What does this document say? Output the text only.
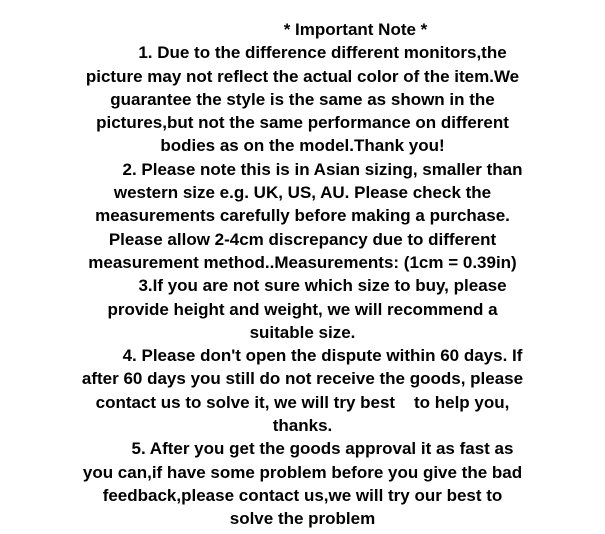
* Important Note *
1. Due to the difference different monitors,the
picture may not reflect the actual color of the item.We
guarantee the style is the same as shown in the
pictures,but not the same performance on different
bodies as on the model.Thank you!
2. Please note this is in Asian sizing, smaller than
western size e.g. UK, US, AU. Please check the
measurements carefully before making a purchase.
Please allow 2-4cm discrepancy due to different
measurement method..Measurements: (1cm = 0.39in)
3.If you are not sure which size to buy, please
provide height and weight, we will recommend a
suitable size.
4. Please don't open the dispute within 60 days. If
after 60 days you still do not receive the goods, please
contact us to solve it, we will try best    to help you,
thanks.
5. After you get the goods approval it as fast as
you can,if have some problem before you give the bad
feedback,please contact us,we will try our best to
solve the problem
